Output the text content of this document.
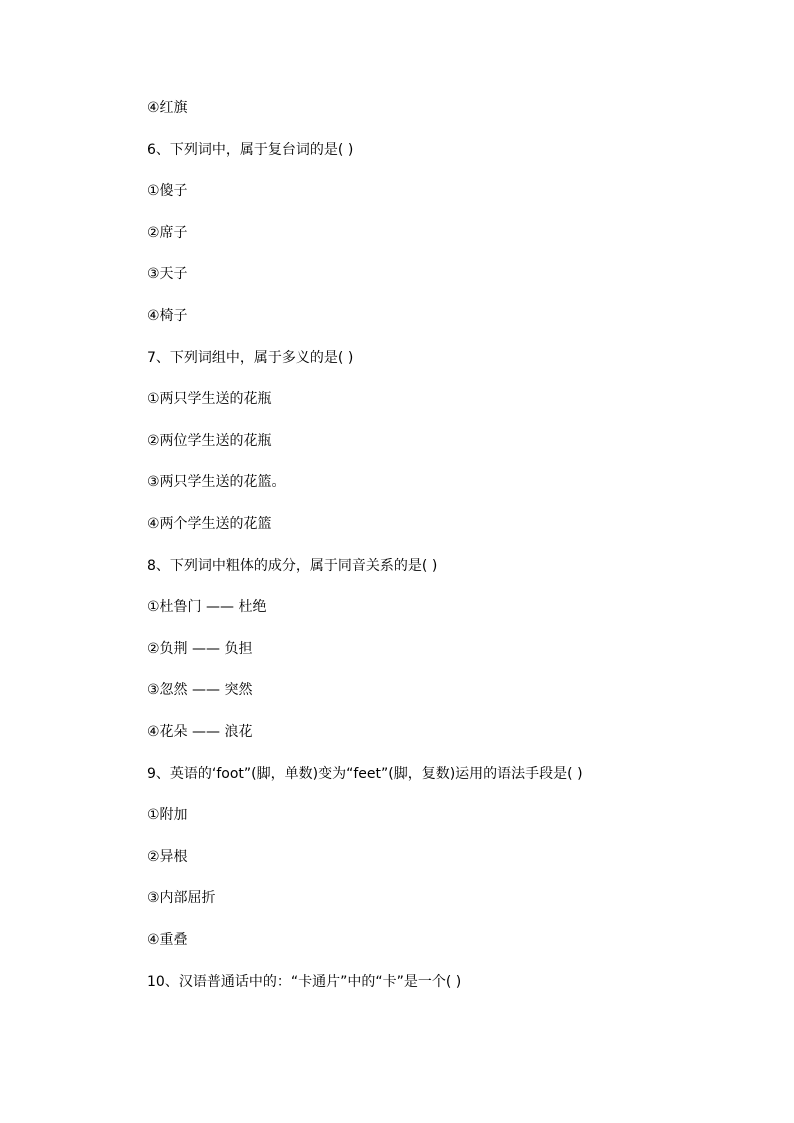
④红旗
6、下列词中，属于复台词的是( )
①傻子
②席子
③天子
④椅子
7、下列词组中，属于多义的是( )
①两只学生送的花瓶
②两位学生送的花瓶
③两只学生送的花篮。
④两个学生送的花篮
8、下列词中粗体的成分，属于同音关系的是( )
①杜鲁门 —— 杜绝
②负荆 —— 负担
③忽然 —— 突然
④花朵 —— 浪花
9、英语的‘foot”(脚，单数)变为“feet”(脚，复数)运用的语法手段是( )
①附加
②异根
③内部屈折
④重叠
10、汉语普通话中的：“卡通片”中的“卡”是一个( )
